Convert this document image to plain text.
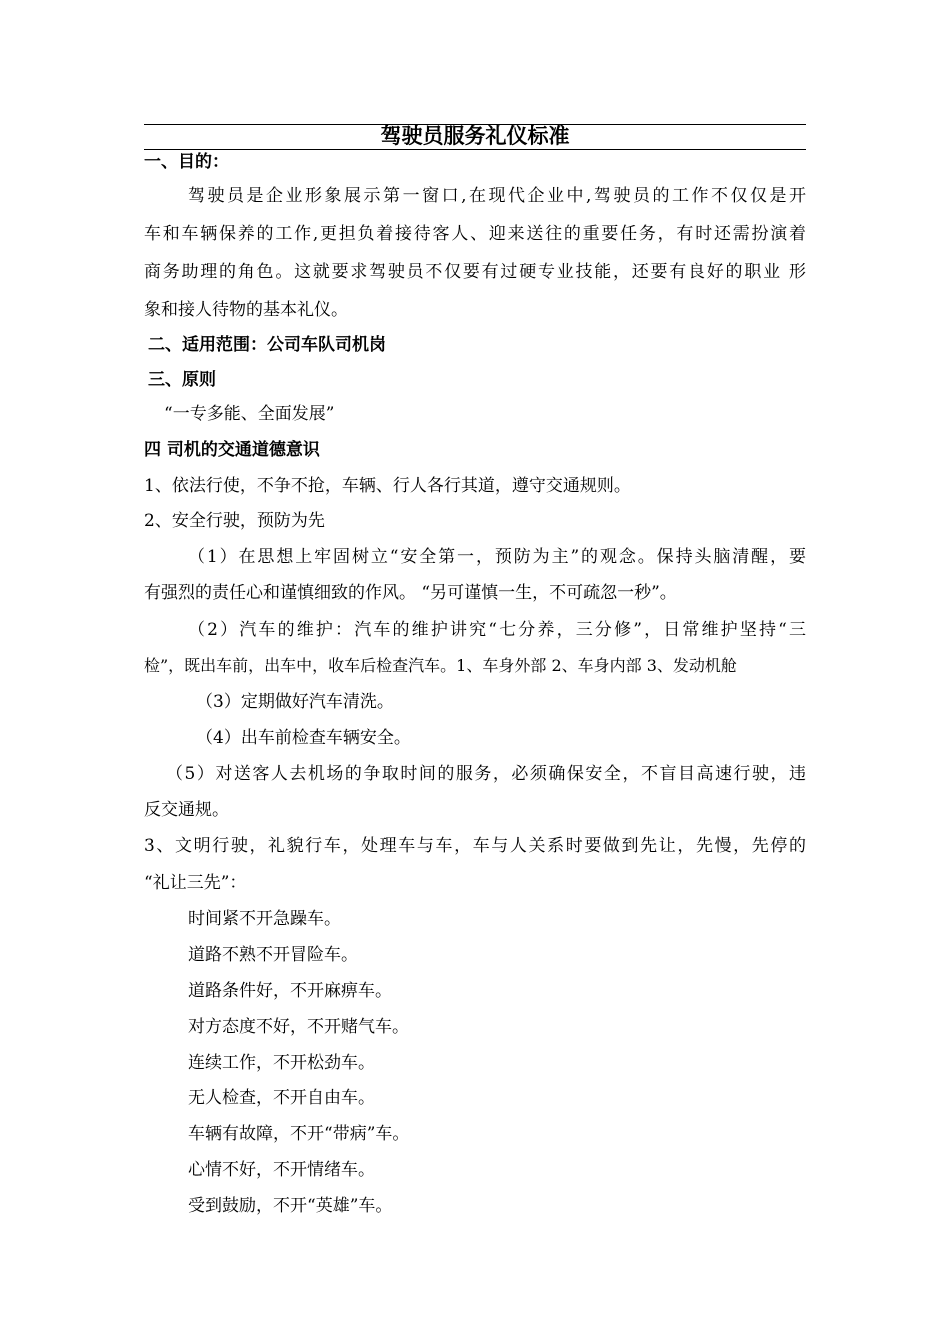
驾驶员服务礼仪标准
一、目的：
驾驶员是企业形象展示第一窗口,在现代企业中,驾驶员的工作不仅仅是开
车和车辆保养的工作,更担负着接待客人、迎来送往的重要任务，有时还需扮演着
商务助理的角色。这就要求驾驶员不仅要有过硬专业技能，还要有良好的职业 形
象和接人待物的基本礼仪。
二、适用范围：公司车队司机岗
三、原则
“一专多能、全面发展”
四 司机的交通道德意识
1、依法行使，不争不抢，车辆、行人各行其道，遵守交通规则。
2、安全行驶，预防为先
（1）在思想上牢固树立“安全第一，预防为主”的观念。保持头脑清醒，要
有强烈的责任心和谨慎细致的作风。 “另可谨慎一生，不可疏忽一秒”。
（2）汽车的维护：汽车的维护讲究“七分养，三分修”，日常维护坚持“三
检”，既出车前，出车中，收车后检查汽车。1、车身外部 2、车身内部 3、发动机舱
（3）定期做好汽车清洗。
（4）出车前检查车辆安全。
（5）对送客人去机场的争取时间的服务，必须确保安全，不盲目高速行驶，违
反交通规。
3、文明行驶，礼貌行车，处理车与车，车与人关系时要做到先让，先慢，先停的
“礼让三先”：
时间紧不开急躁车。
道路不熟不开冒险车。
道路条件好，不开麻痹车。
对方态度不好，不开赌气车。
连续工作，不开松劲车。
无人检查，不开自由车。
车辆有故障，不开“带病”车。
心情不好，不开情绪车。
受到鼓励，不开“英雄”车。
